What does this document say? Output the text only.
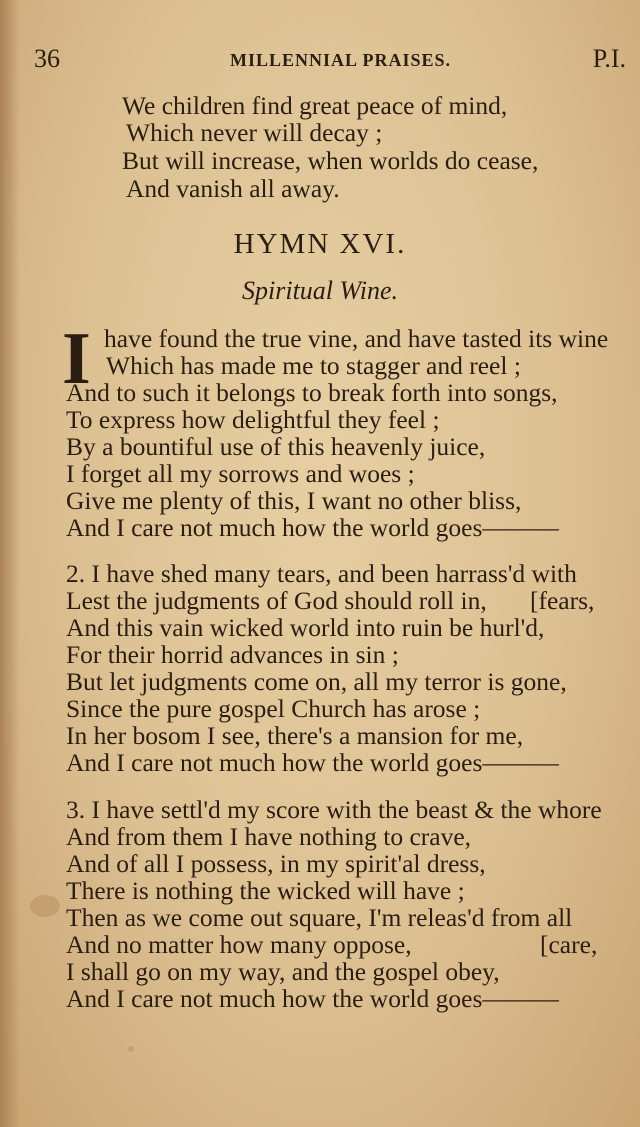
36	MILLENNIAL PRAISES.	P.I.
We children find great peace of mind,
Which never will decay ;
But will increase, when worlds do cease,
And vanish all away.
HYMN XVI.
Spiritual Wine.
I have found the true vine, and have tasted its wine
Which has made me to stagger and reel ;
And to such it belongs to break forth into songs,
To express how delightful they feel ;
By a bountiful use of this heavenly juice,
I forget all my sorrows and woes ;
Give me plenty of this, I want no other bliss,
And I care not much how the world goes———
2. I have shed many tears, and been harrass'd with
Lest the judgments of God should roll in, [fears,
And this vain wicked world into ruin be hurl'd,
For their horrid advances in sin ;
But let judgments come on, all my terror is gone,
Since the pure gospel Church has arose ;
In her bosom I see, there's a mansion for me,
And I care not much how the world goes———
3. I have settl'd my score with the beast & the whore
And from them I have nothing to crave,
And of all I possess, in my spirit'al dress,
There is nothing the wicked will have ;
Then as we come out square, I'm releas'd from all
And no matter how many oppose,	[care,
I shall go on my way, and the gospel obey,
And I care not much how the world goes———
